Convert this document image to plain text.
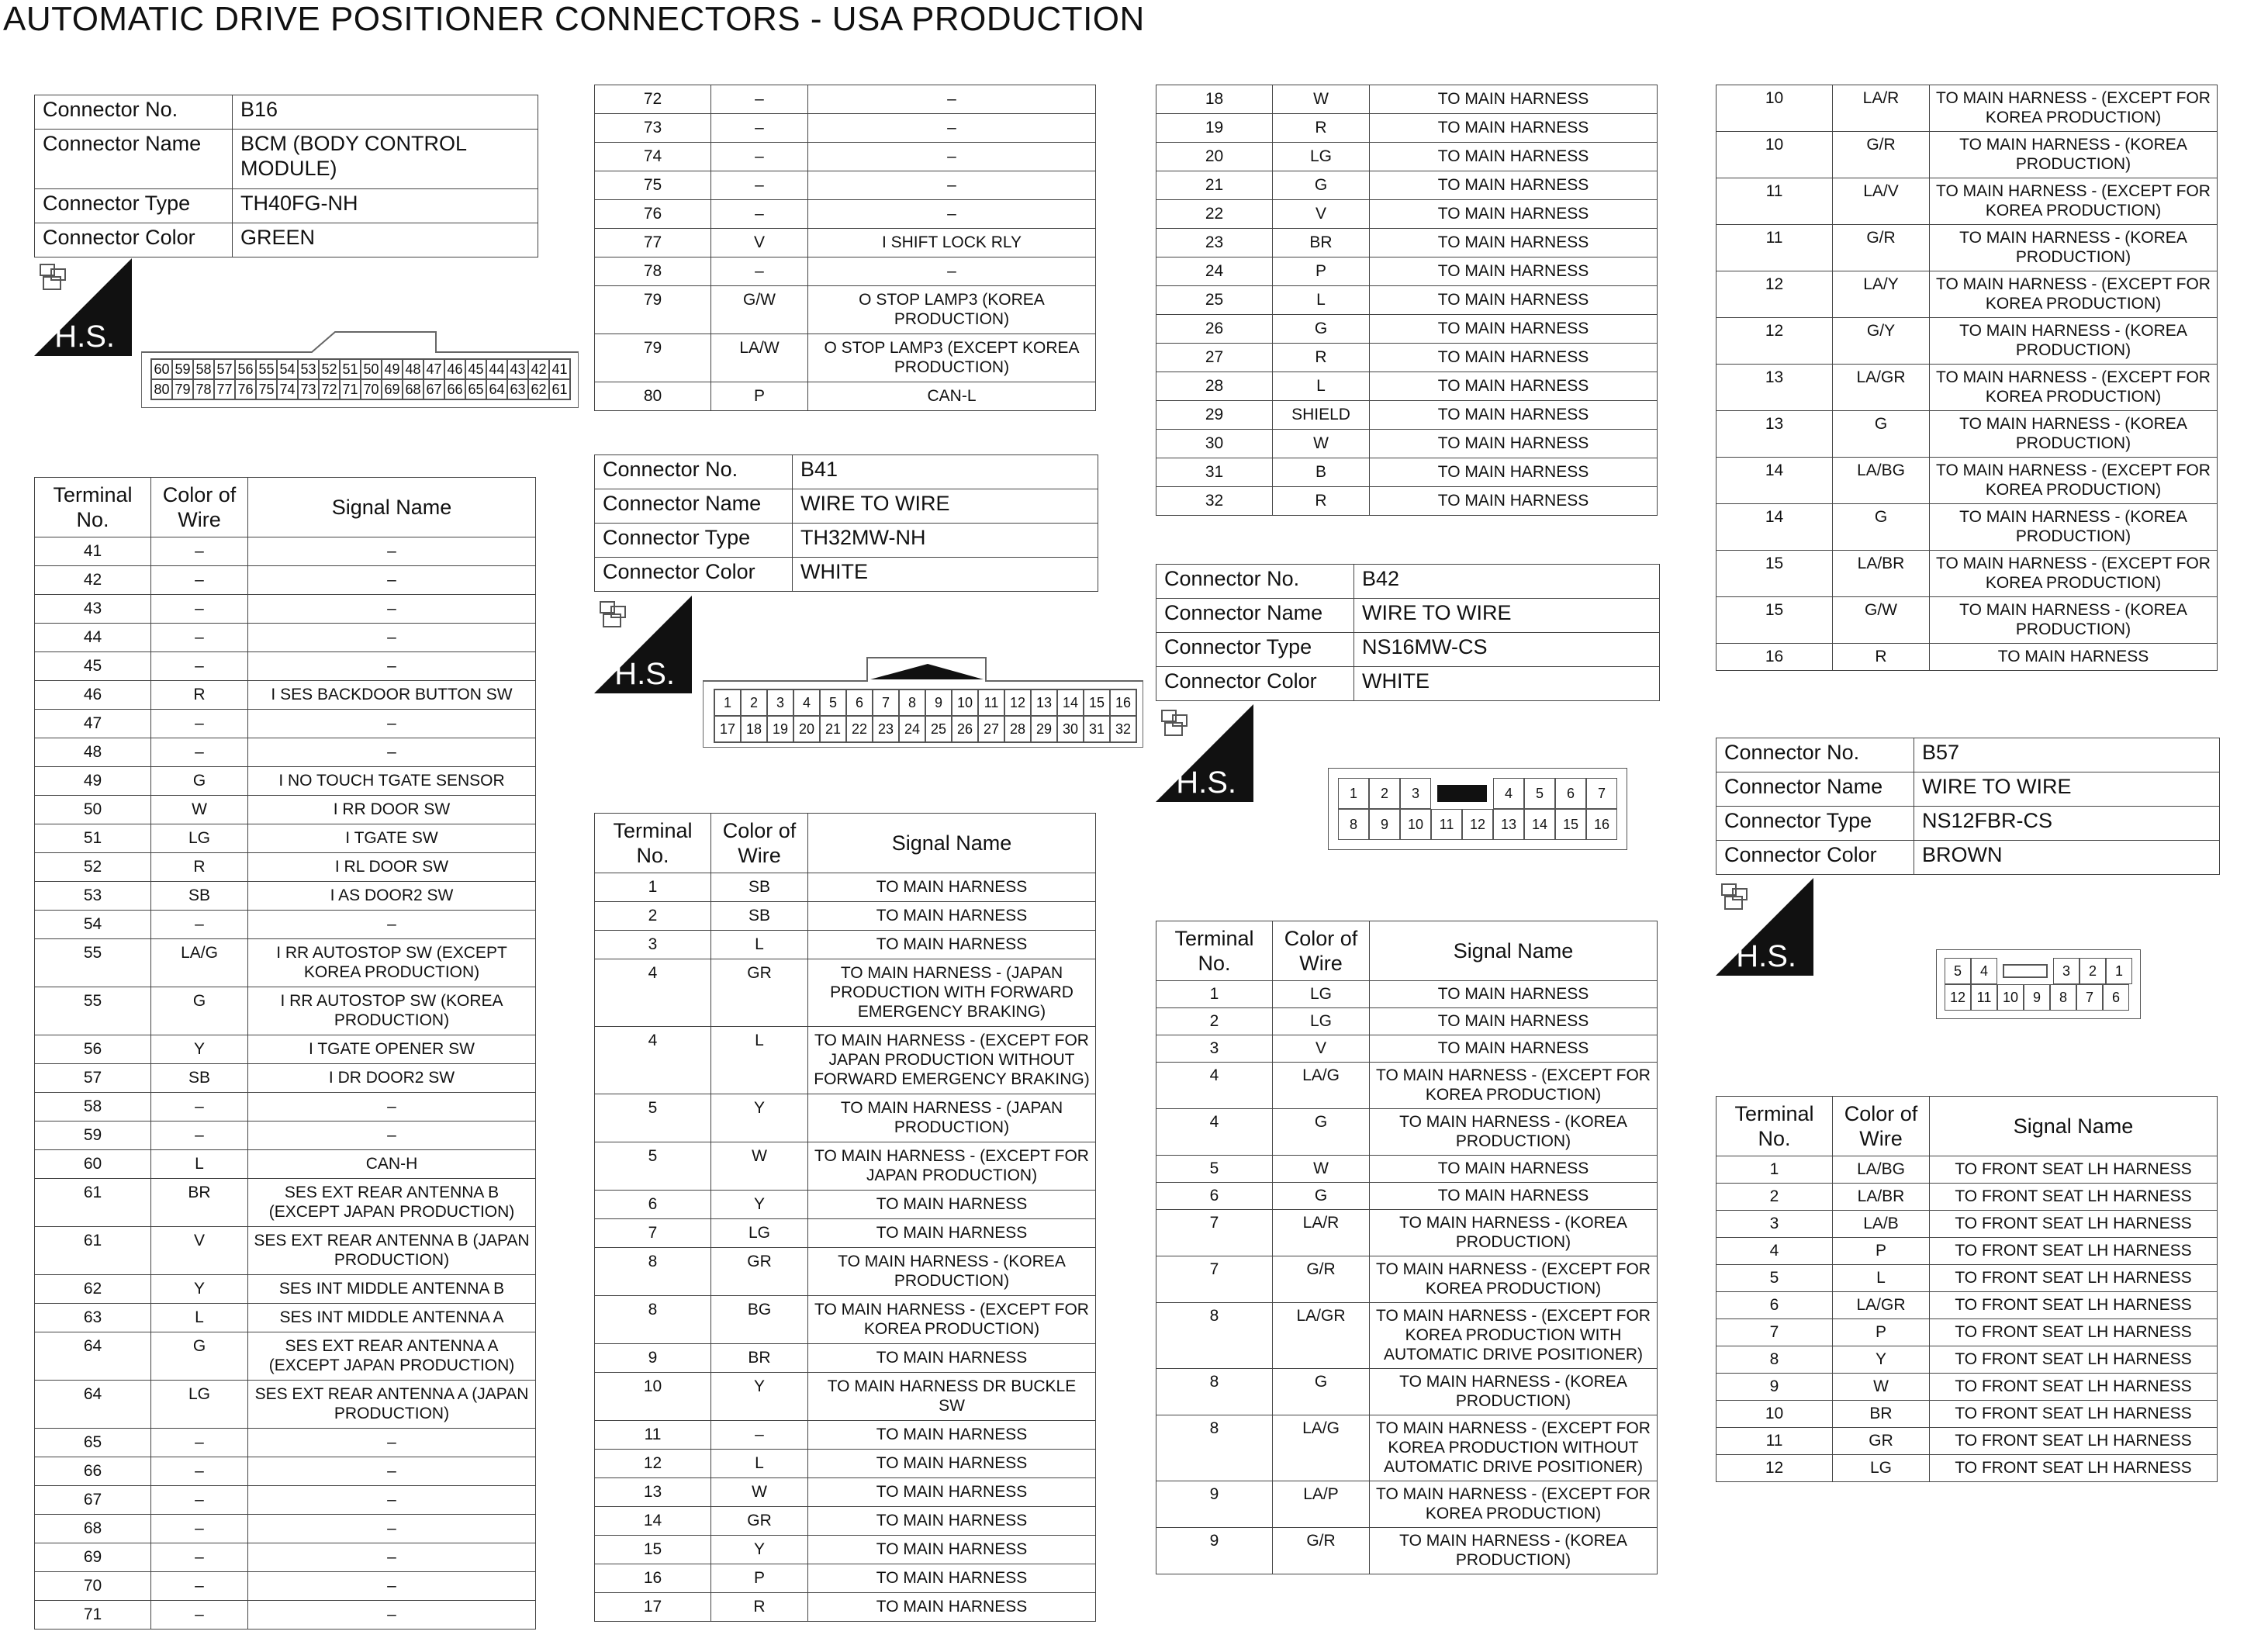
AUTOMATIC DRIVE POSITIONER CONNECTORS - USA PRODUCTION
Connector No.	B16
Connector Name	BCM (BODY CONTROL MODULE)
Connector Type	TH40FG-NH
Connector Color	GREEN
H.S.
60 59 58 57 56 55 54 53 52 51 50 49 48 47 46 45 44 43 42 41
80 79 78 77 76 75 74 73 72 71 70 69 68 67 66 65 64 63 62 61
Terminal No.	Color of Wire	Signal Name
41	–	–
42	–	–
43	–	–
44	–	–
45	–	–
46	R	I SES BACKDOOR BUTTON SW
47	–	–
48	–	–
49	G	I NO TOUCH TGATE SENSOR
50	W	I RR DOOR SW
51	LG	I TGATE SW
52	R	I RL DOOR SW
53	SB	I AS DOOR2 SW
54	–	–
55	LA/G	I RR AUTOSTOP SW (EXCEPT KOREA PRODUCTION)
55	G	I RR AUTOSTOP SW (KOREA PRODUCTION)
56	Y	I TGATE OPENER SW
57	SB	I DR DOOR2 SW
58	–	–
59	–	–
60	L	CAN-H
61	BR	SES EXT REAR ANTENNA B (EXCEPT JAPAN PRODUCTION)
61	V	SES EXT REAR ANTENNA B (JAPAN PRODUCTION)
62	Y	SES INT MIDDLE ANTENNA B
63	L	SES INT MIDDLE ANTENNA A
64	G	SES EXT REAR ANTENNA A (EXCEPT JAPAN PRODUCTION)
64	LG	SES EXT REAR ANTENNA A (JAPAN PRODUCTION)
65	–	–
66	–	–
67	–	–
68	–	–
69	–	–
70	–	–
71	–	–
72	–	–
73	–	–
74	–	–
75	–	–
76	–	–
77	V	I SHIFT LOCK RLY
78	–	–
79	G/W	O STOP LAMP3 (KOREA PRODUCTION)
79	LA/W	O STOP LAMP3 (EXCEPT KOREA PRODUCTION)
80	P	CAN-L
Connector No.	B41
Connector Name	WIRE TO WIRE
Connector Type	TH32MW-NH
Connector Color	WHITE
H.S.
1	2	3	4	5	6	7	8	9	10 11 12 13 14 15 16
17 18 19 20 21 22 23 24 25 26 27 28 29 30 31 32
Terminal No.	Color of Wire	Signal Name
1	SB	TO MAIN HARNESS
2	SB	TO MAIN HARNESS
3	L	TO MAIN HARNESS
4	GR	TO MAIN HARNESS - (JAPAN PRODUCTION WITH FORWARD EMERGENCY BRAKING)
4	L	TO MAIN HARNESS - (EXCEPT FOR JAPAN PRODUCTION WITHOUT FORWARD EMERGENCY BRAKING)
5	Y	TO MAIN HARNESS - (JAPAN PRODUCTION)
5	W	TO MAIN HARNESS - (EXCEPT FOR JAPAN PRODUCTION)
6	Y	TO MAIN HARNESS
7	LG	TO MAIN HARNESS
8	GR	TO MAIN HARNESS - (KOREA PRODUCTION)
8	BG	TO MAIN HARNESS - (EXCEPT FOR KOREA PRODUCTION)
9	BR	TO MAIN HARNESS
10	Y	TO MAIN HARNESS DR BUCKLE SW
11	–	TO MAIN HARNESS
12	L	TO MAIN HARNESS
13	W	TO MAIN HARNESS
14	GR	TO MAIN HARNESS
15	Y	TO MAIN HARNESS
16	P	TO MAIN HARNESS
17	R	TO MAIN HARNESS
18	W	TO MAIN HARNESS
19	R	TO MAIN HARNESS
20	LG	TO MAIN HARNESS
21	G	TO MAIN HARNESS
22	V	TO MAIN HARNESS
23	BR	TO MAIN HARNESS
24	P	TO MAIN HARNESS
25	L	TO MAIN HARNESS
26	G	TO MAIN HARNESS
27	R	TO MAIN HARNESS
28	L	TO MAIN HARNESS
29	SHIELD	TO MAIN HARNESS
30	W	TO MAIN HARNESS
31	B	TO MAIN HARNESS
32	R	TO MAIN HARNESS
Connector No.	B42
Connector Name	WIRE TO WIRE
Connector Type	NS16MW-CS
Connector Color	WHITE
H.S.	1	2	3	4	5	6	7
8	9	10	11	12	13	14	15	16
Terminal No.	Color of Wire	Signal Name
1	LG	TO MAIN HARNESS
2	LG	TO MAIN HARNESS
3	V	TO MAIN HARNESS
4	LA/G	TO MAIN HARNESS - (EXCEPT FOR KOREA PRODUCTION)
4	G	TO MAIN HARNESS - (KOREA PRODUCTION)
5	W	TO MAIN HARNESS
6	G	TO MAIN HARNESS
7	LA/R	TO MAIN HARNESS - (KOREA PRODUCTION)
7	G/R	TO MAIN HARNESS - (EXCEPT FOR KOREA PRODUCTION)
8	LA/GR	TO MAIN HARNESS - (EXCEPT FOR KOREA PRODUCTION WITH AUTOMATIC DRIVE POSITIONER)
8	G	TO MAIN HARNESS - (KOREA PRODUCTION)
8	LA/G	TO MAIN HARNESS - (EXCEPT FOR KOREA PRODUCTION WITHOUT AUTOMATIC DRIVE POSITIONER)
9	LA/P	TO MAIN HARNESS - (EXCEPT FOR KOREA PRODUCTION)
9	G/R	TO MAIN HARNESS - (KOREA PRODUCTION)
10	LA/R	TO MAIN HARNESS - (EXCEPT FOR KOREA PRODUCTION)
10	G/R	TO MAIN HARNESS - (KOREA PRODUCTION)
11	LA/V	TO MAIN HARNESS - (EXCEPT FOR KOREA PRODUCTION)
11	G/R	TO MAIN HARNESS - (KOREA PRODUCTION)
12	LA/Y	TO MAIN HARNESS - (EXCEPT FOR KOREA PRODUCTION)
12	G/Y	TO MAIN HARNESS - (KOREA PRODUCTION)
13	LA/GR	TO MAIN HARNESS - (EXCEPT FOR KOREA PRODUCTION)
13	G	TO MAIN HARNESS - (KOREA PRODUCTION)
14	LA/BG	TO MAIN HARNESS - (EXCEPT FOR KOREA PRODUCTION)
14	G	TO MAIN HARNESS - (KOREA PRODUCTION)
15	LA/BR	TO MAIN HARNESS - (EXCEPT FOR KOREA PRODUCTION)
15	G/W	TO MAIN HARNESS - (KOREA PRODUCTION)
16	R	TO MAIN HARNESS
Connector No.	B57
Connector Name	WIRE TO WIRE
Connector Type	NS12FBR-CS
Connector Color	BROWN
H.S.	5	4	3	2	1
12 11 10	9	8	7	6
Terminal No.	Color of Wire	Signal Name
1	LA/BG	TO FRONT SEAT LH HARNESS
2	LA/BR	TO FRONT SEAT LH HARNESS
3	LA/B	TO FRONT SEAT LH HARNESS
4	P	TO FRONT SEAT LH HARNESS
5	L	TO FRONT SEAT LH HARNESS
6	LA/GR	TO FRONT SEAT LH HARNESS
7	P	TO FRONT SEAT LH HARNESS
8	Y	TO FRONT SEAT LH HARNESS
9	W	TO FRONT SEAT LH HARNESS
10	BR	TO FRONT SEAT LH HARNESS
11	GR	TO FRONT SEAT LH HARNESS
12	LG	TO FRONT SEAT LH HARNESS
